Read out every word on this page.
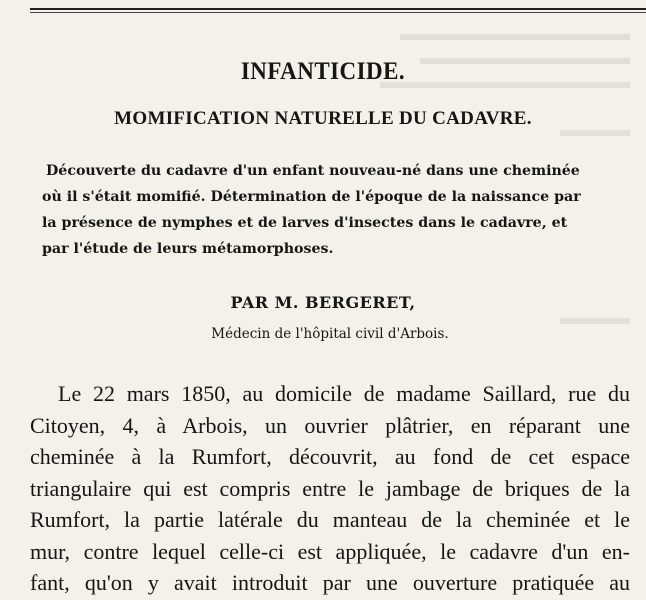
INFANTICIDE.
MOMIFICATION NATURELLE DU CADAVRE.
Découverte du cadavre d'un enfant nouveau-né dans une cheminée
où il s'était momifié. Détermination de l'époque de la naissance par
la présence de nymphes et de larves d'insectes dans le cadavre, et
par l'étude de leurs métamorphoses.
PAR M. BERGERET,
Médecin de l'hôpital civil d'Arbois.
Le 22 mars 1850, au domicile de madame Saillard, rue du
Citoyen, 4, à Arbois, un ouvrier plâtrier, en réparant une
cheminée à la Rumfort, découvrit, au fond de cet espace
triangulaire qui est compris entre le jambage de briques de la
Rumfort, la partie latérale du manteau de la cheminée et le
mur, contre lequel celle-ci est appliquée, le cadavre d'un en-
fant, qu'on y avait introduit par une ouverture pratiquée au
